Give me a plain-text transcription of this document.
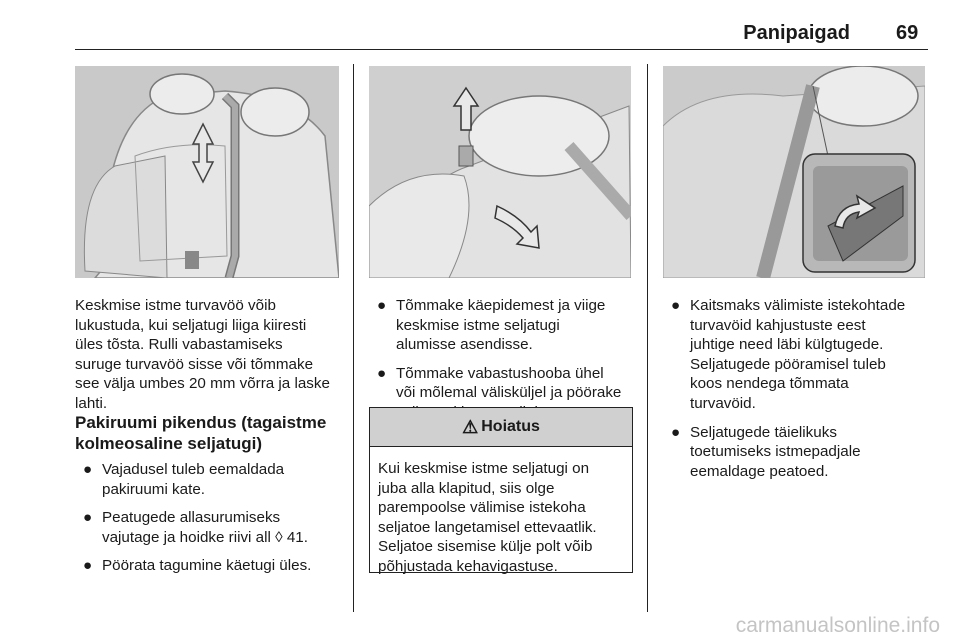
Panipaigad 69
Keskmise istme turvavöö võib
lukustuda, kui seljatugi liiga kiiresti
üles tõsta. Rulli vabastamiseks
suruge turvavöö sisse või tõmmake
see välja umbes 20 mm võrra ja laske
lahti.
Pakiruumi pikendus (tagaistme
kolmeosaline seljatugi)
● Vajadusel tuleb eemaldada
pakiruumi kate.
● Peatugede allasurumiseks
vajutage ja hoidke riivi all ◊ 41.
● Pöörata tagumine käetugi üles.
● Tõmmake käepidemest ja viige
keskmise istme seljatugi
alumisse asendisse.
● Tõmmake vabastushooba ühel
või mõlemal välisküljel ja pöörake
⚠ Hoiatus
Kui keskmise istme seljatugi on
juba alla klapitud, siis olge
parempoolse välimise istekoha
seljatoe langetamisel ettevaatlik.
Seljatoe sisemise külje polt võib
põhjustada kehavigastuse.
● Kaitsmaks välimiste istekohtade
turvavöid kahjustuste eest
juhtige need läbi külgtugede.
Seljatugede pööramisel tuleb
koos nendega tõmmata
turvavöid.
● Seljatugede täielikuks
toetumiseks istmepadjale
eemaldage peatoed.
carmanualsonline.info
